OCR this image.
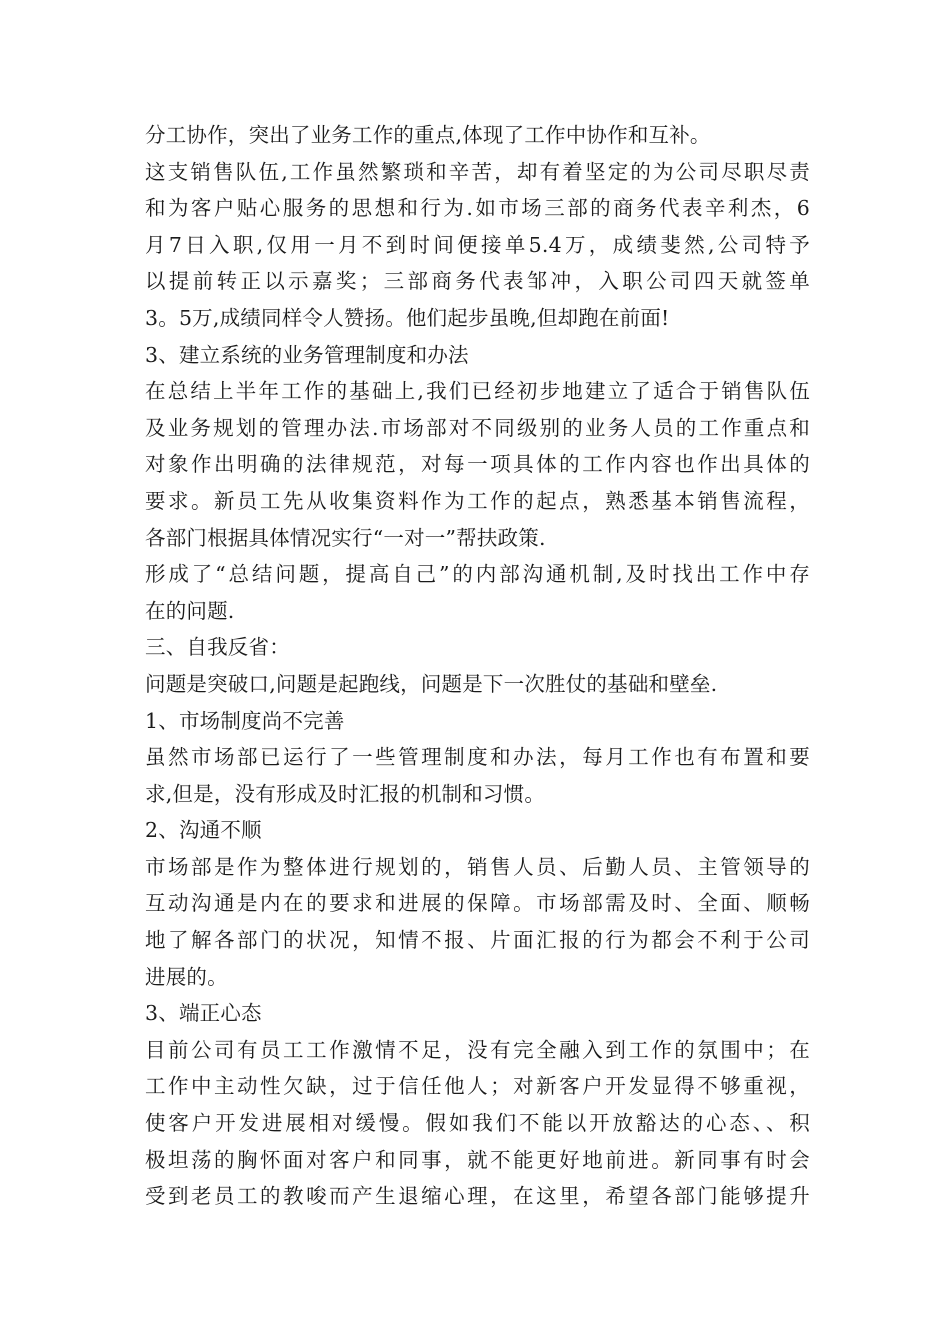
分工协作，突出了业务工作的重点,体现了工作中协作和互补。
这支销售队伍,工作虽然繁琐和辛苦，却有着坚定的为公司尽职尽责
和为客户贴心服务的思想和行为.如市场三部的商务代表辛利杰，6
月7日入职,仅用一月不到时间便接单5.4万，成绩斐然,公司特予
以提前转正以示嘉奖；三部商务代表邹冲，入职公司四天就签单
3。5万,成绩同样令人赞扬。他们起步虽晚,但却跑在前面!
3、建立系统的业务管理制度和办法
在总结上半年工作的基础上,我们已经初步地建立了适合于销售队伍
及业务规划的管理办法.市场部对不同级别的业务人员的工作重点和
对象作出明确的法律规范，对每一项具体的工作内容也作出具体的
要求。新员工先从收集资料作为工作的起点，熟悉基本销售流程，
各部门根据具体情况实行“一对一”帮扶政策.
形成了“总结问题，提高自己”的内部沟通机制,及时找出工作中存
在的问题.
三、自我反省：
问题是突破口,问题是起跑线，问题是下一次胜仗的基础和壁垒.
1、市场制度尚不完善
虽然市场部已运行了一些管理制度和办法，每月工作也有布置和要
求,但是，没有形成及时汇报的机制和习惯。
2、沟通不顺
市场部是作为整体进行规划的，销售人员、后勤人员、主管领导的
互动沟通是内在的要求和进展的保障。市场部需及时、全面、顺畅
地了解各部门的状况，知情不报、片面汇报的行为都会不利于公司
进展的。
3、端正心态
目前公司有员工工作激情不足，没有完全融入到工作的氛围中；在
工作中主动性欠缺，过于信任他人；对新客户开发显得不够重视，
使客户开发进展相对缓慢。假如我们不能以开放豁达的心态、、积
极坦荡的胸怀面对客户和同事，就不能更好地前进。新同事有时会
受到老员工的教唆而产生退缩心理，在这里，希望各部门能够提升
